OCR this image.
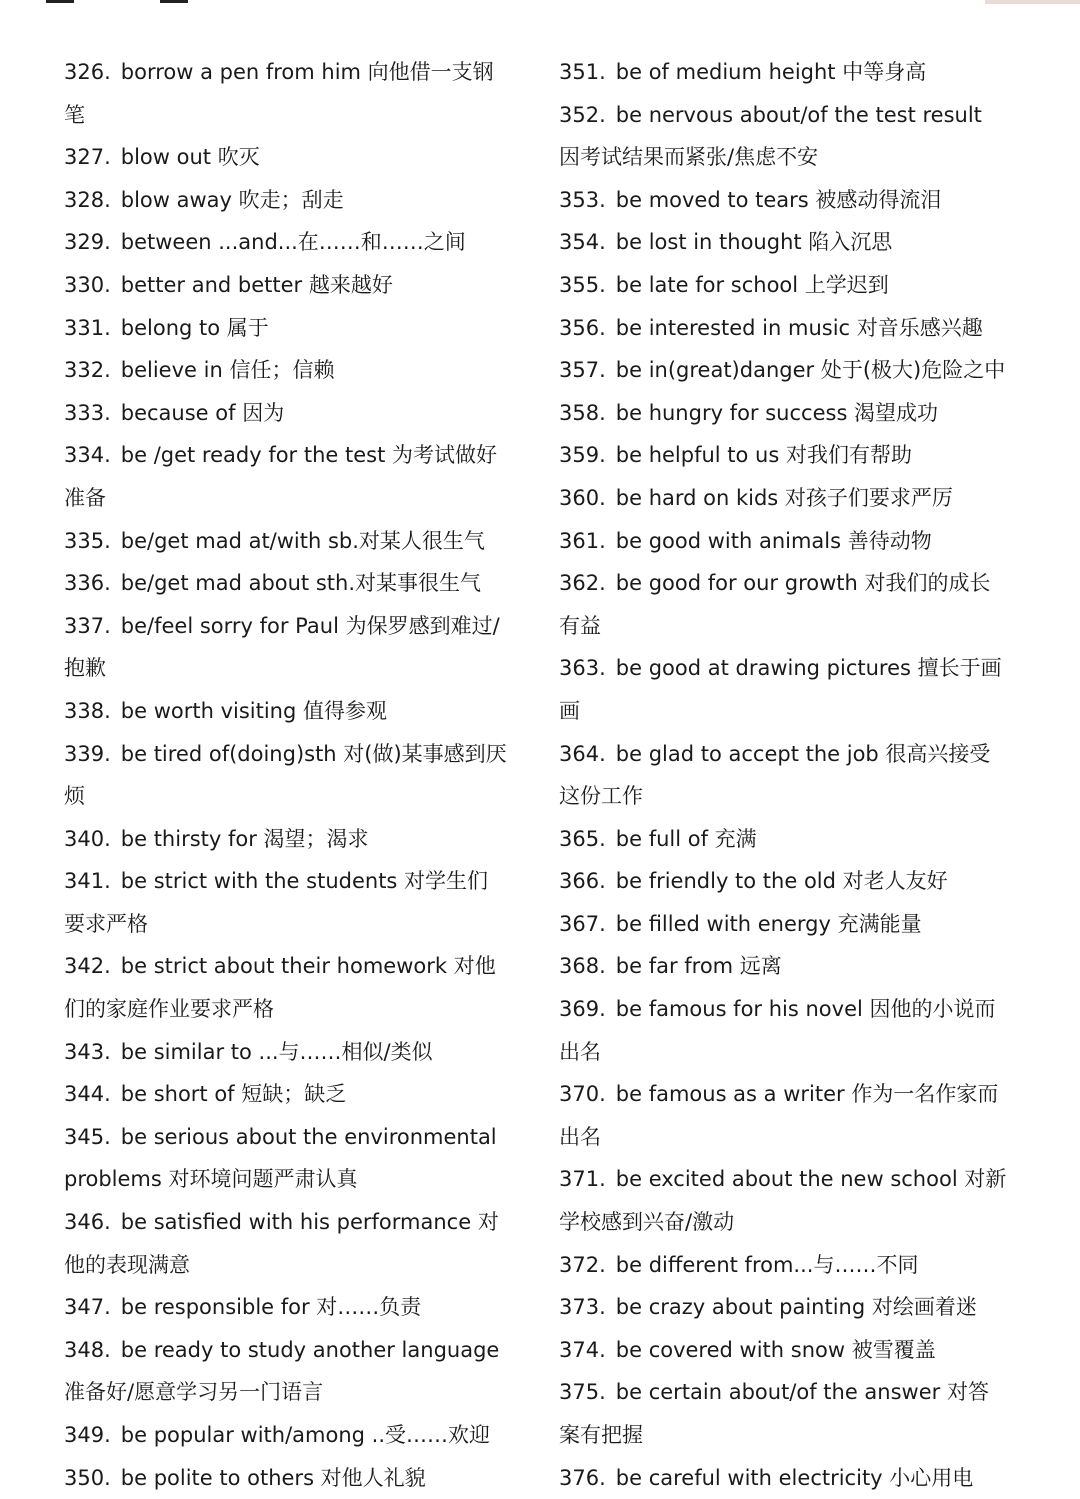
326. borrow a pen from him 向他借一支钢笔
327. blow out 吹灭
328. blow away 吹走；刮走
329. between ...and...在……和……之间
330. better and better 越来越好
331. belong to 属于
332. believe in 信任；信赖
333. because of 因为
334. be /get ready for the test 为考试做好准备
335. be/get mad at/with sb.对某人很生气
336. be/get mad about sth.对某事很生气
337. be/feel sorry for Paul 为保罗感到难过/抱歉
338. be worth visiting 值得参观
339. be tired of(doing)sth 对(做)某事感到厌烦
340. be thirsty for 渴望；渴求
341. be strict with the students 对学生们要求严格
342. be strict about their homework 对他们的家庭作业要求严格
343. be similar to ...与……相似/类似
344. be short of 短缺；缺乏
345. be serious about the environmental problems 对环境问题严肃认真
346. be satisfied with his performance 对他的表现满意
347. be responsible for 对……负责
348. be ready to study another language 准备好/愿意学习另一门语言
349. be popular with/among ..受……欢迎
350. be polite to others 对他人礼貌
351. be of medium height 中等身高
352. be nervous about/of the test result 因考试结果而紧张/焦虑不安
353. be moved to tears 被感动得流泪
354. be lost in thought 陷入沉思
355. be late for school 上学迟到
356. be interested in music 对音乐感兴趣
357. be in(great)danger 处于(极大)危险之中
358. be hungry for success 渴望成功
359. be helpful to us 对我们有帮助
360. be hard on kids 对孩子们要求严厉
361. be good with animals 善待动物
362. be good for our growth 对我们的成长有益
363. be good at drawing pictures 擅长于画画
364. be glad to accept the job 很高兴接受这份工作
365. be full of 充满
366. be friendly to the old 对老人友好
367. be filled with energy 充满能量
368. be far from 远离
369. be famous for his novel 因他的小说而出名
370. be famous as a writer 作为一名作家而出名
371. be excited about the new school 对新学校感到兴奋/激动
372. be different from...与……不同
373. be crazy about painting 对绘画着迷
374. be covered with snow 被雪覆盖
375. be certain about/of the answer 对答案有把握
376. be careful with electricity 小心用电
